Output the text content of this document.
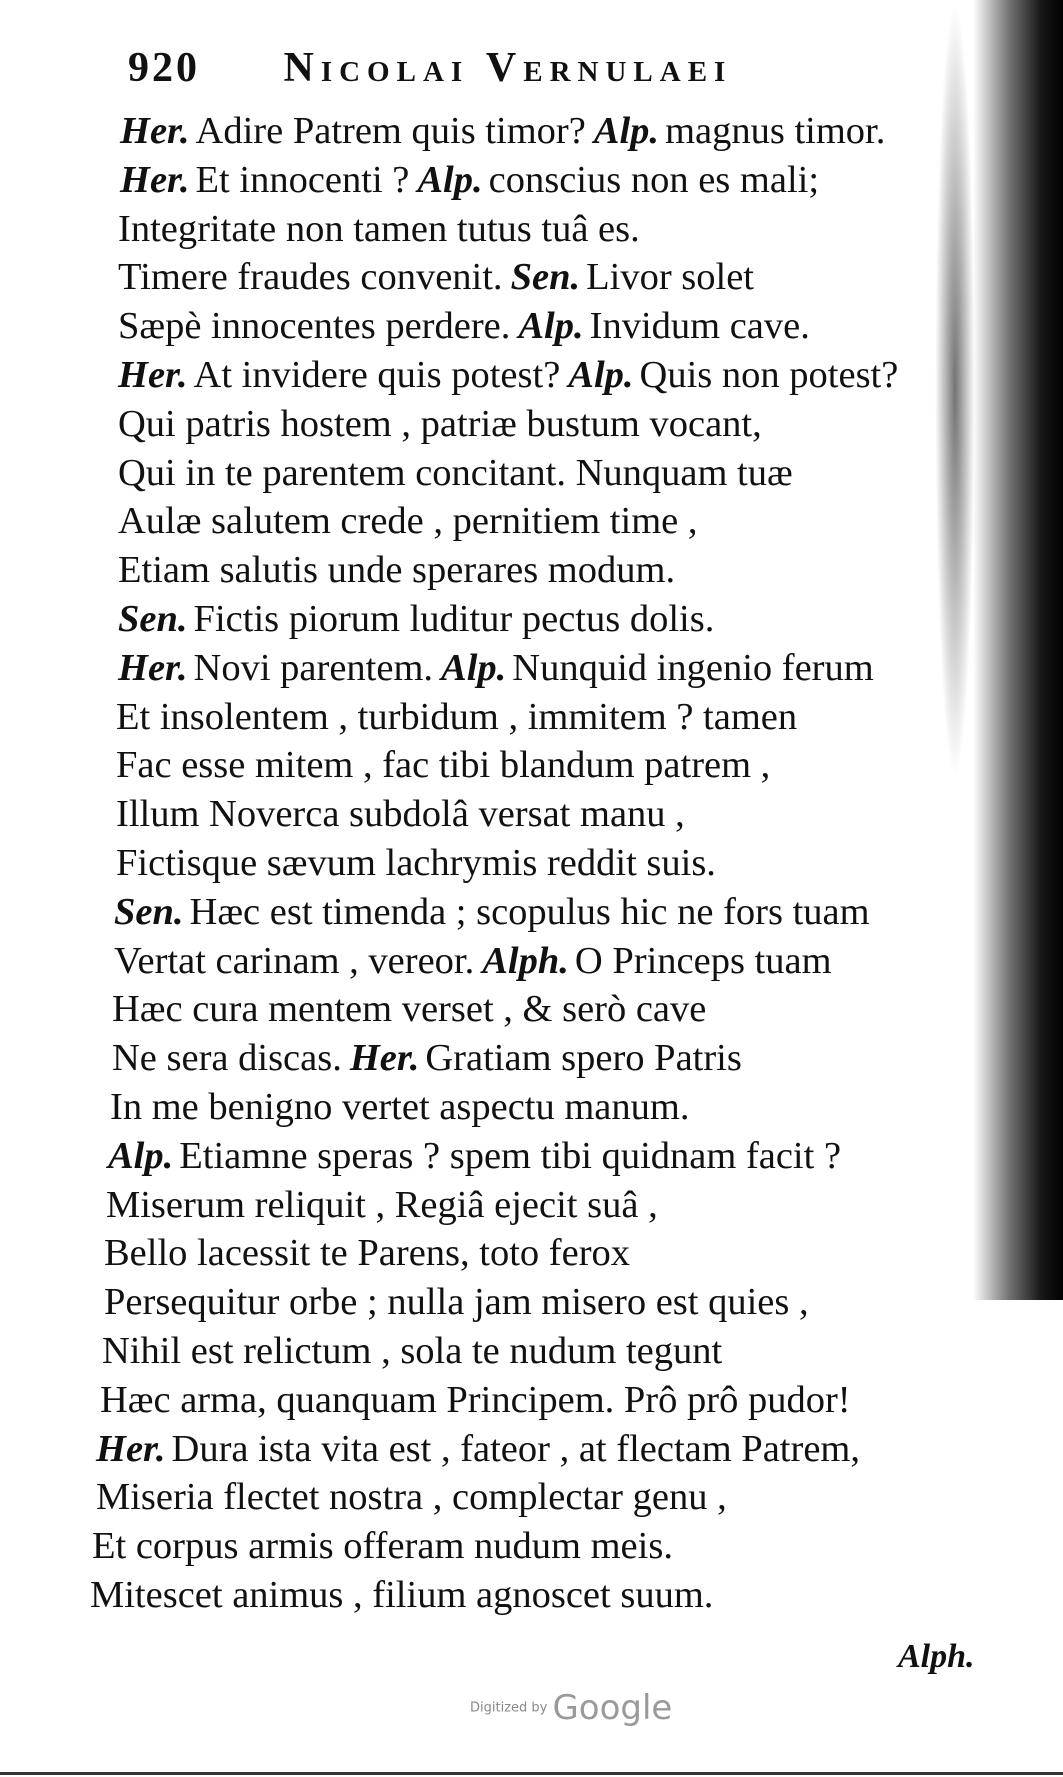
920 Nicolai Vernulaei
Her. Adire Patrem quis timor? Alp. magnus timor.
Her. Et innocenti ? Alp. conscius non es mali;
Integritate non tamen tutus tuâ es.
Timere fraudes convenit. Sen. Livor solet
Sæpè innocentes perdere. Alp. Invidum cave.
Her. At invidere quis potest? Alp. Quis non potest?
Qui patris hostem , patriæ bustum vocant,
Qui in te parentem concitant. Nunquam tuæ
Aulæ salutem crede , pernitiem time ,
Etiam salutis unde sperares modum.
Sen. Fictis piorum luditur pectus dolis.
Her. Novi parentem. Alp. Nunquid ingenio ferum
Et insolentem , turbidum , immitem ? tamen
Fac esse mitem , fac tibi blandum patrem ,
Illum Noverca subdolâ versat manu ,
Fictisque sævum lachrymis reddit suis.
Sen. Hæc est timenda ; scopulus hic ne fors tuam
Vertat carinam , vereor. Alph. O Princeps tuam
Hæc cura mentem verset , & serò cave
Ne sera discas. Her. Gratiam spero Patris
In me benigno vertet aspectu manum.
Alp. Etiamne speras ? spem tibi quidnam facit ?
Miserum reliquit , Regiâ ejecit suâ ,
Bello lacessit te Parens, toto ferox
Persequitur orbe ; nulla jam misero est quies ,
Nihil est relictum , sola te nudum tegunt
Hæc arma, quanquam Principem. Prô prô pudor!
Her. Dura ista vita est , fateor , at flectam Patrem,
Miseria flectet nostra , complectar genu ,
Et corpus armis offeram nudum meis.
Mitescet animus , filium agnoscet suum.
Alph.
Digitized by Google
